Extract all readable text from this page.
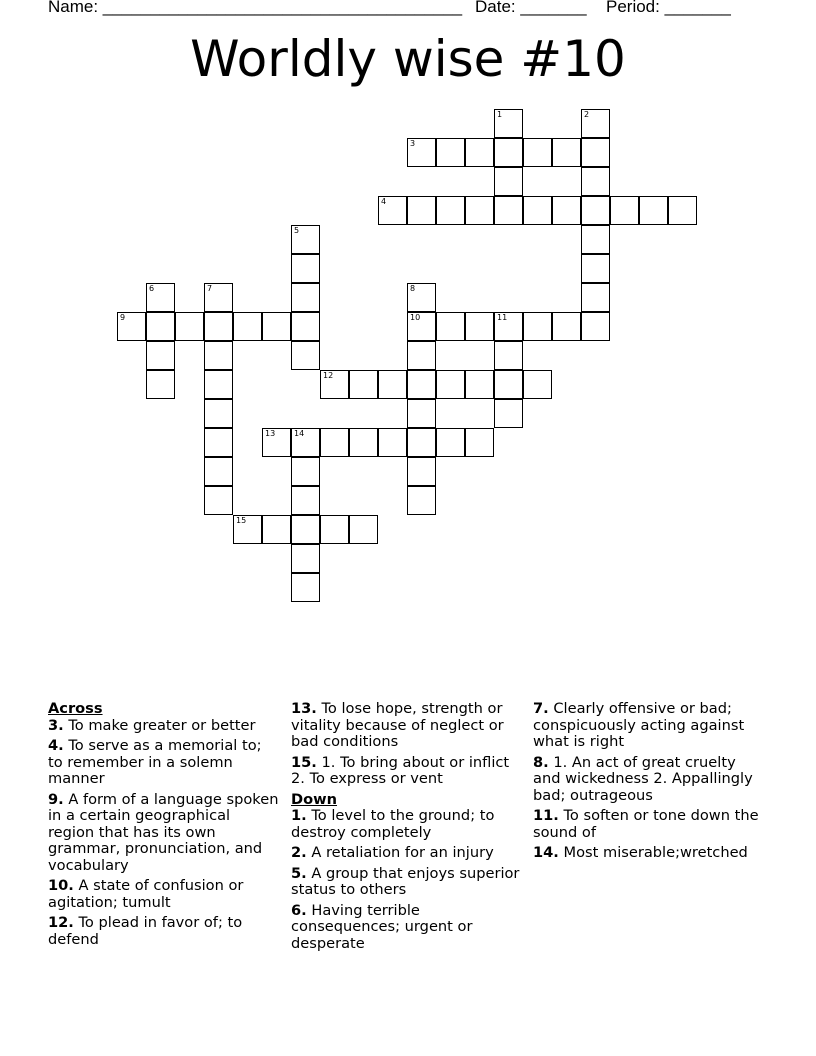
Name: ______________________________________ Date: _______ Period: _______
Worldly wise #10
1	2
3
4
5
6	7	8
9	10	11
12
13 14
15
Across
3. To make greater or better
4. To serve as a memorial to; to remember in a solemn manner
9. A form of a language spoken in a certain geographical region that has its own grammar, pronunciation, and vocabulary
10. A state of confusion or agitation; tumult
12. To plead in favor of; to defend
13. To lose hope, strength or vitality because of neglect or bad conditions
15. 1. To bring about or inflict 2. To express or vent
Down
1. To level to the ground; to destroy completely
2. A retaliation for an injury
5. A group that enjoys superior status to others
6. Having terrible consequences; urgent or desperate
7. Clearly offensive or bad; conspicuously acting against what is right
8. 1. An act of great cruelty and wickedness 2. Appallingly bad; outrageous
11. To soften or tone down the sound of
14. Most miserable;wretched
